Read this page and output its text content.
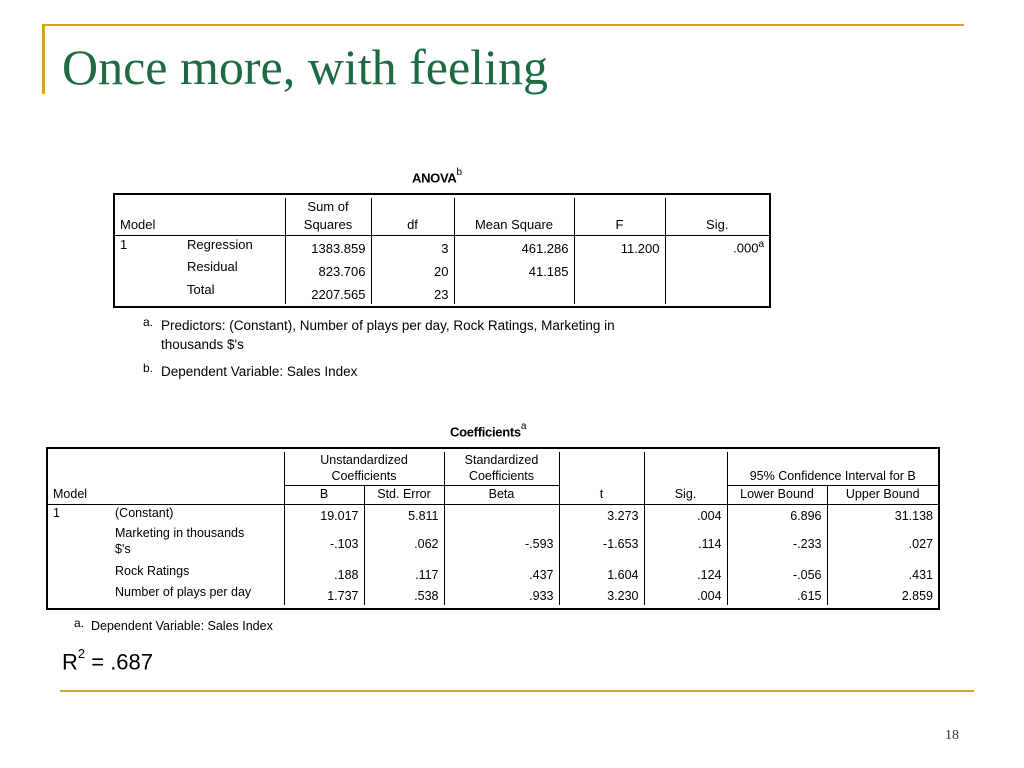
Once more, with feeling
ANOVA$^b$
		Sum of				
Model		Squares	df	Mean Square	F	Sig.
1	Regression	1383.859	3	461.286	11.200	.000$^a$
	Residual	823.706	20	41.185		
	Total	2207.565	23			
a. Predictors: (Constant), Number of plays per day, Rock Ratings, Marketing in
thousands $'s
b. Dependent Variable: Sales Index
Coefficients$^a$
		Unstandardized
Coefficients		Standardized
Coefficients			95% Confidence Interval for B	
Model		B	Std. Error	Beta	t	Sig.	Lower Bound	Upper Bound
1	(Constant)	19.017	5.811		3.273	.004	6.896	31.138
	Marketing in thousands
$'s	-.103	.062	-.593	-1.653	.114	-.233	.027
	Rock Ratings	.188	.117	.437	1.604	.124	-.056	.431
	Number of plays per day	1.737	.538	.933	3.230	.004	.615	2.859
a. Dependent Variable: Sales Index
$R^2 = .687$
18
